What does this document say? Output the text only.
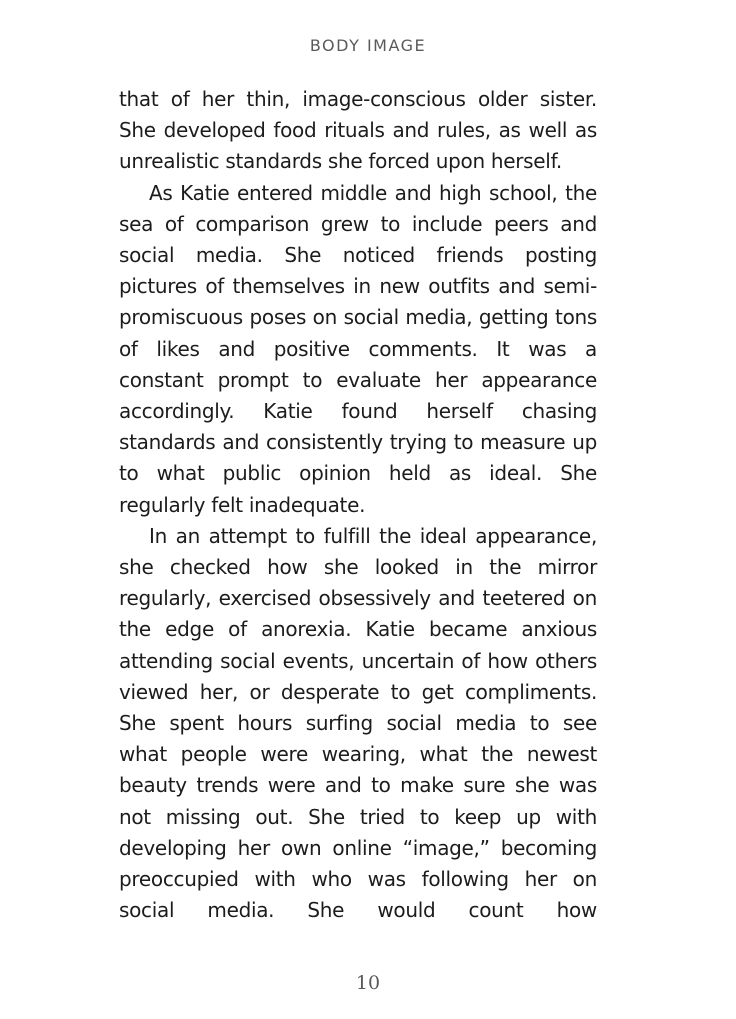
BODY IMAGE

that of her thin, image-conscious older sister. She developed food rituals and rules, as well as unrealistic standards she forced upon herself.

As Katie entered middle and high school, the sea of comparison grew to include peers and social media. She noticed friends posting pictures of themselves in new outfits and semi-promiscuous poses on social media, getting tons of likes and positive comments. It was a constant prompt to evaluate her appearance accordingly. Katie found herself chasing standards and consistently trying to measure up to what public opinion held as ideal. She regularly felt inadequate.

In an attempt to fulfill the ideal appearance, she checked how she looked in the mirror regularly, exercised obsessively and teetered on the edge of anorexia. Katie became anxious attending social events, uncertain of how others viewed her, or desperate to get compliments. She spent hours surfing social media to see what people were wearing, what the newest beauty trends were and to make sure she was not missing out. She tried to keep up with developing her own online “image,” becoming preoccupied with who was following her on social media. She would count how

10
